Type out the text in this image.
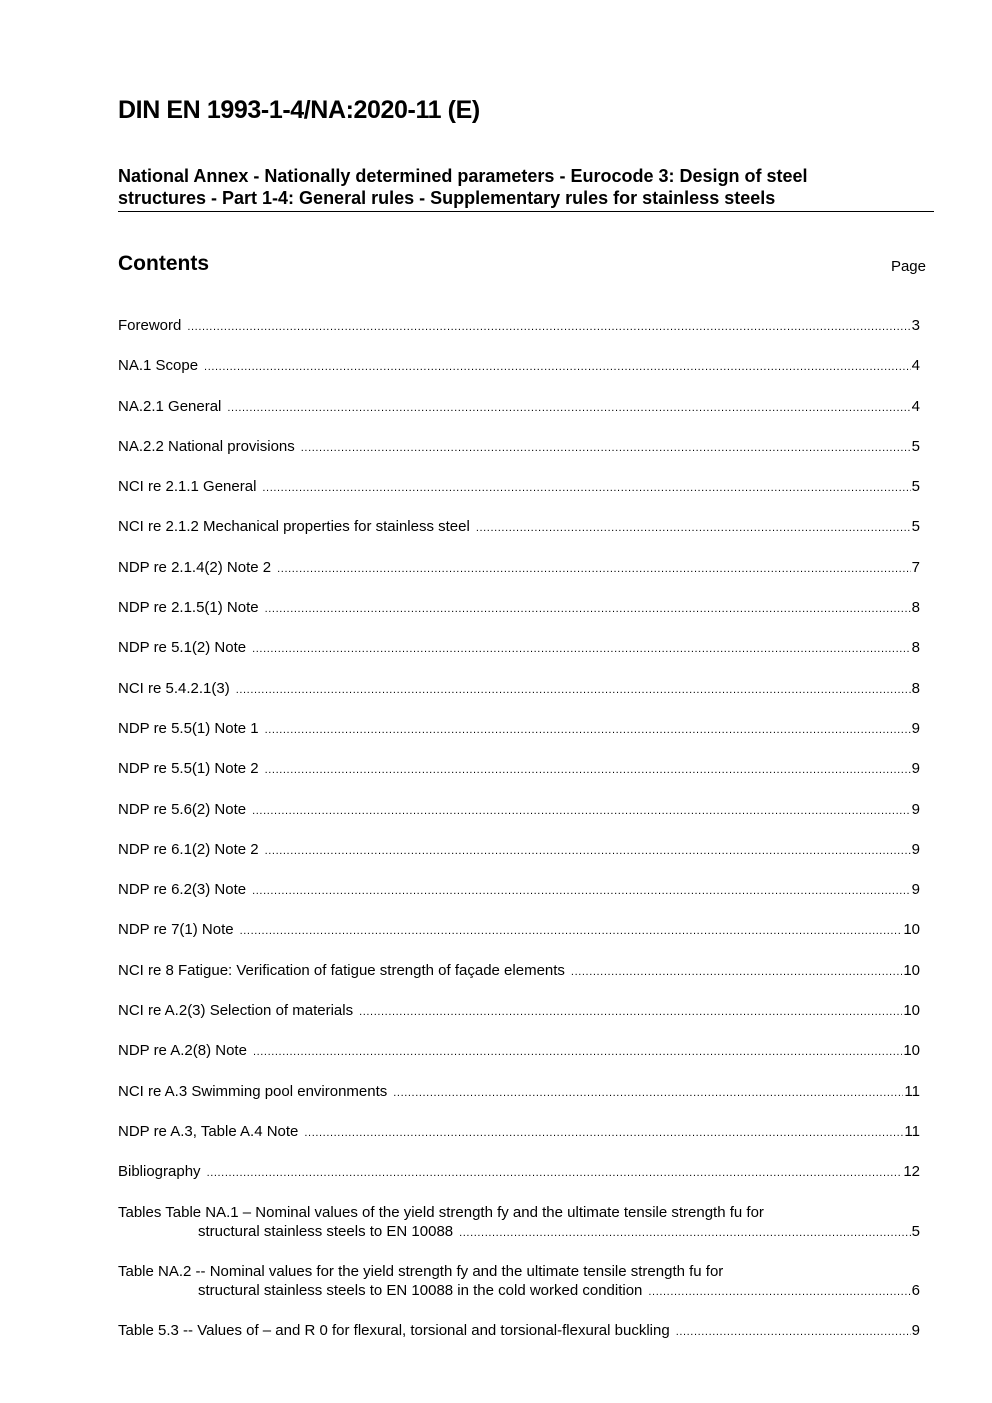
DIN EN 1993-1-4/NA:2020-11 (E)
National Annex - Nationally determined parameters - Eurocode 3: Design of steel
structures - Part 1-4: General rules - Supplementary rules for stainless steels
Contents	Page
Foreword .....	3
NA.1 Scope .....	4
NA.2.1 General .....	4
NA.2.2 National provisions .....	5
NCI re 2.1.1 General .....	5
NCI re 2.1.2 Mechanical properties for stainless steel .....	5
NDP re 2.1.4(2) Note 2 .....	7
NDP re 2.1.5(1) Note .....	8
NDP re 5.1(2) Note .....	8
NCI re 5.4.2.1(3) .....	8
NDP re 5.5(1) Note 1 .....	9
NDP re 5.5(1) Note 2 .....	9
NDP re 5.6(2) Note .....	9
NDP re 6.1(2) Note 2 .....	9
NDP re 6.2(3) Note .....	9
NDP re 7(1) Note .....	10
NCI re 8 Fatigue: Verification of fatigue strength of façade elements .....	10
NCI re A.2(3) Selection of materials .....	10
NDP re A.2(8) Note .....	10
NCI re A.3 Swimming pool environments .....	11
NDP re A.3, Table A.4 Note .....	11
Bibliography .....	12
Tables Table NA.1 – Nominal values of the yield strength fy and the ultimate tensile strength fu for
structural stainless steels to EN 10088 .....	5
Table NA.2 -- Nominal values for the yield strength fy and the ultimate tensile strength fu for
structural stainless steels to EN 10088 in the cold worked condition .....	6
Table 5.3 -- Values of – and R 0 for flexural, torsional and torsional-flexural buckling .....	9
